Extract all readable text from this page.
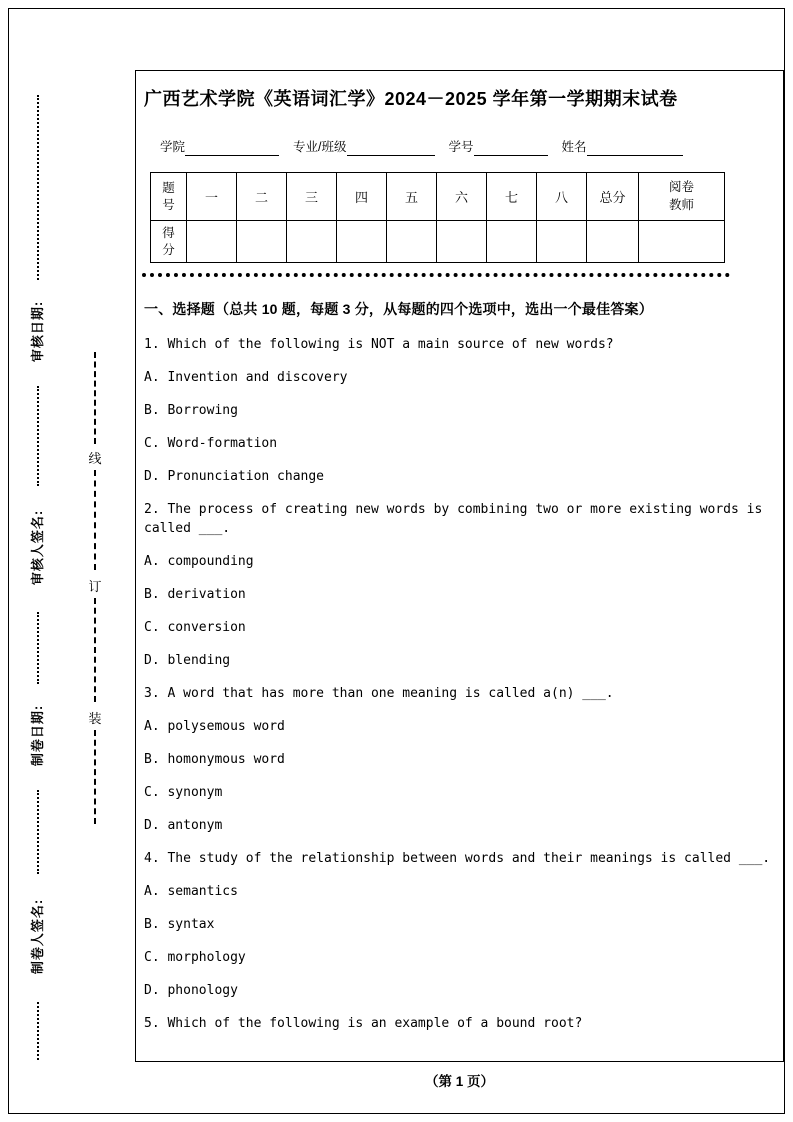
审核日期:
审核人签名:
制卷日期:
制卷人签名:
线
订
装
广西艺术学院《英语词汇学》2024－2025 学年第一学期期末试卷
学院	专业/班级	学号	姓名
题号	一	二	三	四	五	六	七	八	总分	阅卷教师
得分										
一、选择题（总共 10 题，每题 3 分，从每题的四个选项中，选出一个最佳答案）

1. Which of the following is NOT a main source of new words?

A. Invention and discovery

B. Borrowing

C. Word-formation

D. Pronunciation change

2. The process of creating new words by combining two or more existing words is called ___.

A. compounding

B. derivation

C. conversion

D. blending

3. A word that has more than one meaning is called a(n) ___.

A. polysemous word

B. homonymous word

C. synonym

D. antonym

4. The study of the relationship between words and their meanings is called ___.

A. semantics

B. syntax

C. morphology

D. phonology

5. Which of the following is an example of a bound root?

（第 1 页）
